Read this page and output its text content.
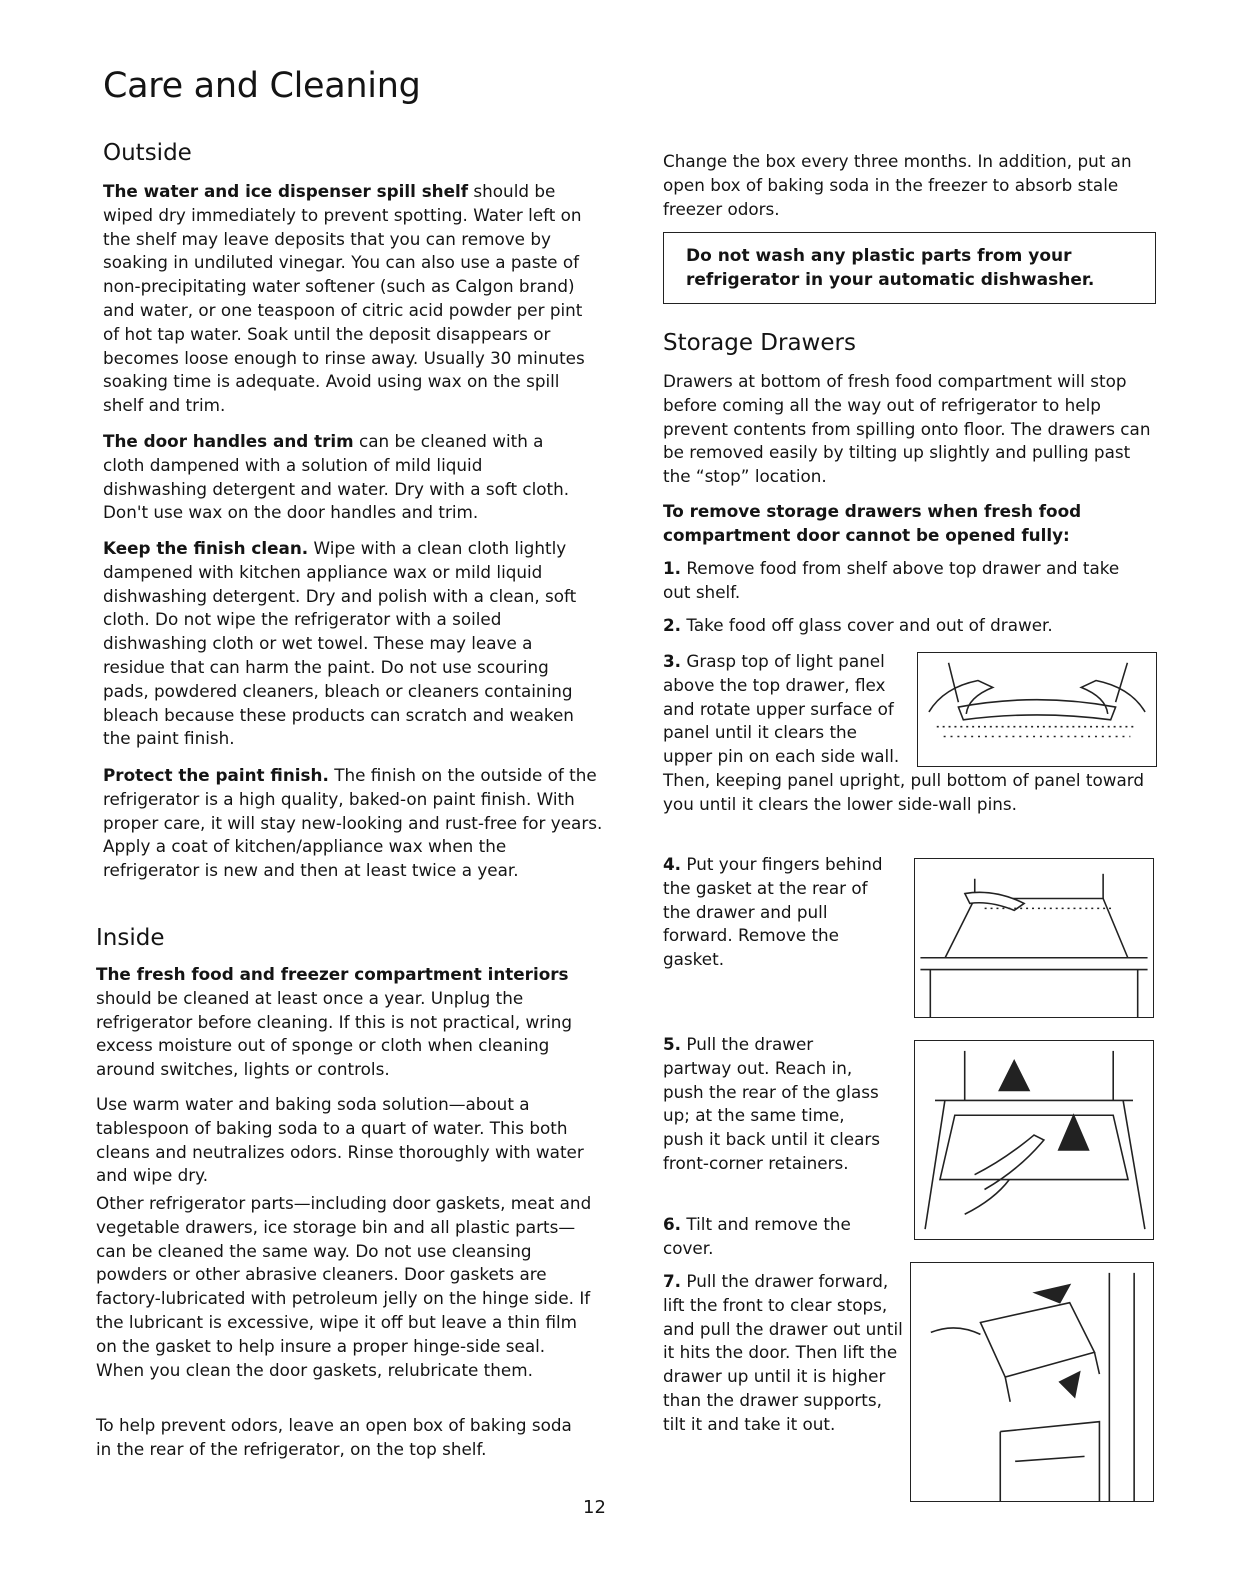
Care and Cleaning
Outside

The water and ice dispenser spill shelf should be wiped dry immediately to prevent spotting. Water left on the shelf may leave deposits that you can remove by soaking in undiluted vinegar. You can also use a paste of non-precipitating water softener (such as Calgon brand) and water, or one teaspoon of citric acid powder per pint of hot tap water. Soak until the deposit disappears or becomes loose enough to rinse away. Usually 30 minutes soaking time is adequate. Avoid using wax on the spill shelf and trim.

The door handles and trim can be cleaned with a cloth dampened with a solution of mild liquid dishwashing detergent and water. Dry with a soft cloth. Don't use wax on the door handles and trim.

Keep the finish clean. Wipe with a clean cloth lightly dampened with kitchen appliance wax or mild liquid dishwashing detergent. Dry and polish with a clean, soft cloth. Do not wipe the refrigerator with a soiled dishwashing cloth or wet towel. These may leave a residue that can harm the paint. Do not use scouring pads, powdered cleaners, bleach or cleaners containing bleach because these products can scratch and weaken the paint finish.

Protect the paint finish. The finish on the outside of the refrigerator is a high quality, baked-on paint finish. With proper care, it will stay new-looking and rust-free for years. Apply a coat of kitchen/appliance wax when the refrigerator is new and then at least twice a year.

Inside

The fresh food and freezer compartment interiors should be cleaned at least once a year. Unplug the refrigerator before cleaning. If this is not practical, wring excess moisture out of sponge or cloth when cleaning around switches, lights or controls.

Use warm water and baking soda solution—about a tablespoon of baking soda to a quart of water. This both cleans and neutralizes odors. Rinse thoroughly with water and wipe dry.

Other refrigerator parts—including door gaskets, meat and vegetable drawers, ice storage bin and all plastic parts—can be cleaned the same way. Do not use cleansing powders or other abrasive cleaners. Door gaskets are factory-lubricated with petroleum jelly on the hinge side. If the lubricant is excessive, wipe it off but leave a thin film on the gasket to help insure a proper hinge-side seal. When you clean the door gaskets, relubricate them.

To help prevent odors, leave an open box of baking soda in the rear of the refrigerator, on the top shelf.

Change the box every three months. In addition, put an open box of baking soda in the freezer to absorb stale freezer odors.

Do not wash any plastic parts from your refrigerator in your automatic dishwasher.
Storage Drawers

Drawers at bottom of fresh food compartment will stop before coming all the way out of refrigerator to help prevent contents from spilling onto floor. The drawers can be removed easily by tilting up slightly and pulling past the “stop” location.

To remove storage drawers when fresh food compartment door cannot be opened fully:

1. Remove food from shelf above top drawer and take out shelf.

2. Take food off glass cover and out of drawer.

3. Grasp top of light panel above the top drawer, flex and rotate upper surface of panel until it clears the upper pin on each side wall. Then, keeping panel upright, pull bottom of panel toward you until it clears the lower side-wall pins.

4. Put your fingers behind the gasket at the rear of the drawer and pull forward. Remove the gasket.

5. Pull the drawer partway out. Reach in, push the rear of the glass up; at the same time, push it back until it clears front-corner retainers.

6. Tilt and remove the cover.

7. Pull the drawer forward, lift the front to clear stops, and pull the drawer out until it hits the door. Then lift the drawer up until it is higher than the drawer supports, tilt it and take it out.

12
